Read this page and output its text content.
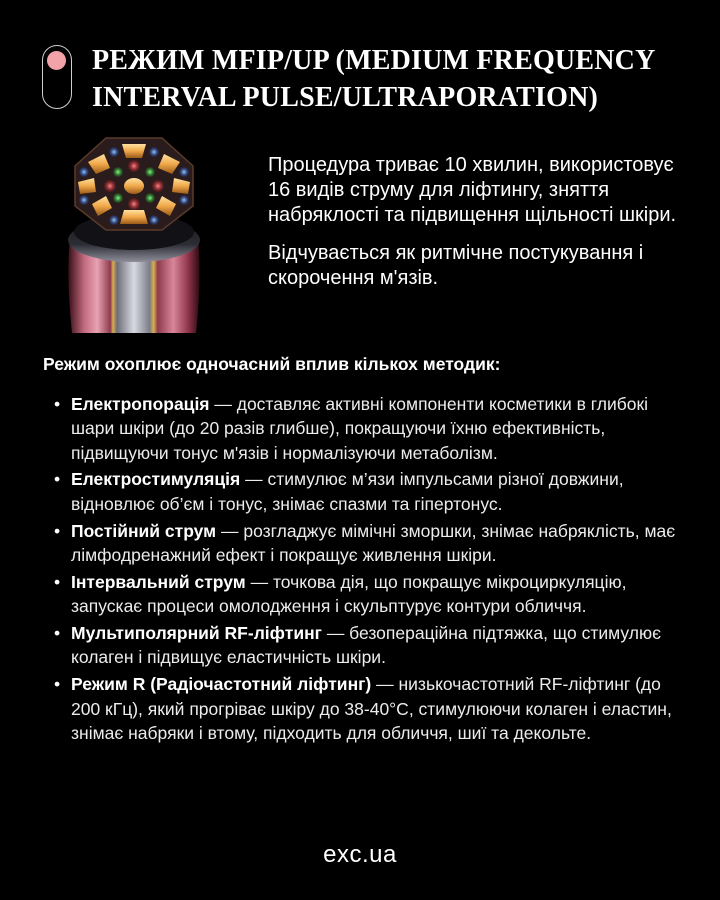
РЕЖИМ MFIP/UP (MEDIUM FREQUENCY INTERVAL PULSE/ULTRAPORATION)

Процедура триває 10 хвилин, використовує 16 видів струму для ліфтингу, зняття набряклості та підвищення щільності шкіри.

Відчувається як ритмічне постукування і скорочення м'язів.

Режим охоплює одночасний вплив кількох методик:
• Електропорація — доставляє активні компоненти косметики в глибокі шари шкіри (до 20 разів глибше), покращуючи їхню ефективність, підвищуючи тонус м'язів і нормалізуючи метаболізм.
• Електростимуляція — стимулює м’язи імпульсами різної довжини, відновлює об’єм і тонус, знімає спазми та гіпертонус.
• Постійний струм — розгладжує мімічні зморшки, знімає набряклість, має лімфодренажний ефект і покращує живлення шкіри.
• Інтервальний струм — точкова дія, що покращує мікроциркуляцію, запускає процеси омолодження і скульптурує контури обличчя.
• Мультиполярний RF-ліфтинг — безопераційна підтяжка, що стимулює колаген і підвищує еластичність шкіри.
• Режим R (Радіочастотний ліфтинг) — низькочастотний RF-ліфтинг (до 200 кГц), який прогріває шкіру до 38-40°C, стимулюючи колаген і еластин, знімає набряки і втому, підходить для обличчя, шиї та декольте.
exc.ua
